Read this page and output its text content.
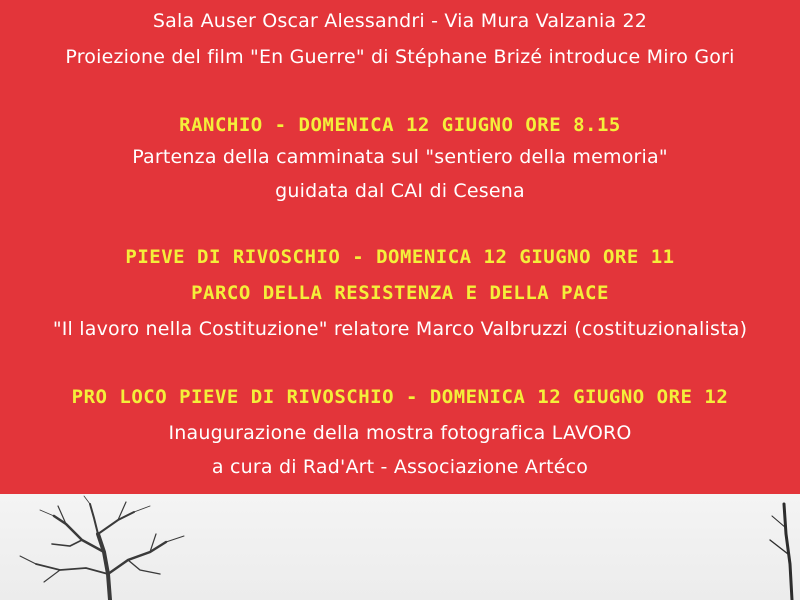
Sala Auser Oscar Alessandri - Via Mura Valzania 22
Proiezione del film "En Guerre" di Stéphane Brizé introduce Miro Gori
RANCHIO - DOMENICA 12 GIUGNO ORE 8.15
Partenza della camminata sul "sentiero della memoria"
guidata dal CAI di Cesena
PIEVE DI RIVOSCHIO - DOMENICA 12 GIUGNO ORE 11
PARCO DELLA RESISTENZA E DELLA PACE
"Il lavoro nella Costituzione" relatore Marco Valbruzzi (costituzionalista)
PRO LOCO PIEVE DI RIVOSCHIO - DOMENICA 12 GIUGNO ORE 12
Inaugurazione della mostra fotografica LAVORO
a cura di Rad'Art - Associazione Artéco
